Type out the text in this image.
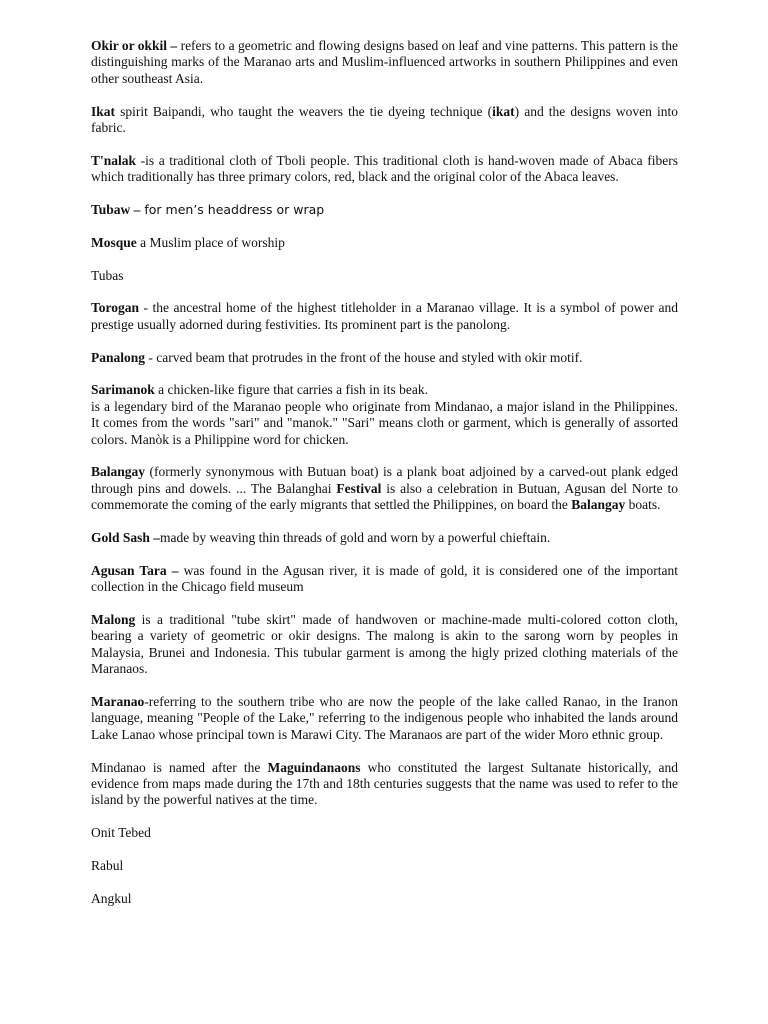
Okir or okkil – refers to a geometric and flowing designs based on leaf and vine patterns. This pattern is the distinguishing marks of the Maranao arts and Muslim-influenced artworks in southern Philippines and even other southeast Asia.

Ikat spirit Baipandi, who taught the weavers the tie dyeing technique (ikat) and the designs woven into fabric.

T'nalak -is a traditional cloth of Tboli people. This traditional cloth is hand-woven made of Abaca fibers which traditionally has three primary colors, red, black and the original color of the Abaca leaves.

Tubaw – for men’s headdress or wrap

Mosque a Muslim place of worship

Tubas

Torogan - the ancestral home of the highest titleholder in a Maranao village. It is a symbol of power and prestige usually adorned during festivities. Its prominent part is the panolong.

Panalong - carved beam that protrudes in the front of the house and styled with okir motif.

Sarimanok a chicken-like figure that carries a fish in its beak.
is a legendary bird of the Maranao people who originate from Mindanao, a major island in the Philippines. It comes from the words "sari" and "manok." "Sari" means cloth or garment, which is generally of assorted colors. Manòk is a Philippine word for chicken.

Balangay (formerly synonymous with Butuan boat) is a plank boat adjoined by a carved-out plank edged through pins and dowels. ... The Balanghai Festival is also a celebration in Butuan, Agusan del Norte to commemorate the coming of the early migrants that settled the Philippines, on board the Balangay boats.

Gold Sash –made by weaving thin threads of gold and worn by a powerful chieftain.

Agusan Tara – was found in the Agusan river, it is made of gold, it is considered one of the important collection in the Chicago field museum

Malong is a traditional "tube skirt" made of handwoven or machine-made multi-colored cotton cloth, bearing a variety of geometric or okir designs. The malong is akin to the sarong worn by peoples in Malaysia, Brunei and Indonesia. This tubular garment is among the higly prized clothing materials of the Maranaos.

Maranao-referring to the southern tribe who are now the people of the lake called Ranao, in the Iranon language, meaning "People of the Lake," referring to the indigenous people who inhabited the lands around Lake Lanao whose principal town is Marawi City. The Maranaos are part of the wider Moro ethnic group.

Mindanao is named after the Maguindanaons who constituted the largest Sultanate historically, and evidence from maps made during the 17th and 18th centuries suggests that the name was used to refer to the island by the powerful natives at the time.

Onit Tebed

Rabul

Angkul
